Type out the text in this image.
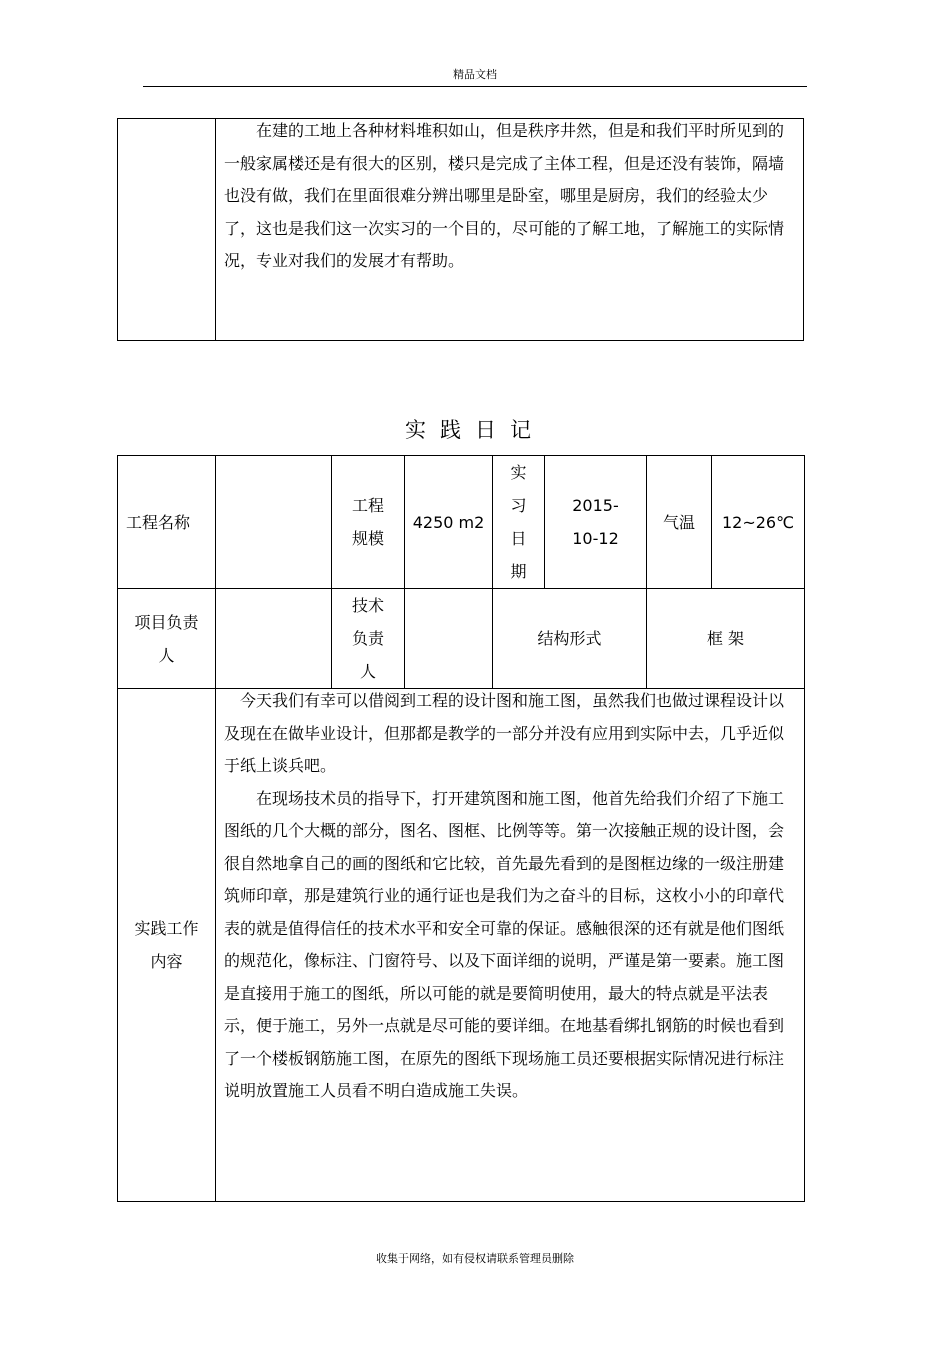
精品文档

在建的工地上各种材料堆积如山，但是秩序井然，但是和我们平时所见到的一般家属楼还是有很大的区别，楼只是完成了主体工程，但是还没有装饰，隔墙也没有做，我们在里面很难分辨出哪里是卧室，哪里是厨房，我们的经验太少了，这也是我们这一次实习的一个目的，尽可能的了解工地，了解施工的实际情况，专业对我们的发展才有帮助。
实践日记
工程名称		工程规模	4250 m2	实习日期	2015-10-12	气温	12~26℃
项目负责人		技术负责人		结构形式		框 架	
实践工作内容	今天我们有幸可以借阅到工程的设计图和施工图，虽然我们也做过课程设计以及现在在做毕业设计，但那都是教学的一部分并没有应用到实际中去，几乎近似于纸上谈兵吧。
在现场技术员的指导下，打开建筑图和施工图，他首先给我们介绍了下施工图纸的几个大概的部分，图名、图框、比例等等。第一次接触正规的设计图，会很自然地拿自己的画的图纸和它比较，首先最先看到的是图框边缘的一级注册建筑师印章，那是建筑行业的通行证也是我们为之奋斗的目标，这枚小小的印章代表的就是值得信任的技术水平和安全可靠的保证。感触很深的还有就是他们图纸的规范化，像标注、门窗符号、以及下面详细的说明，严谨是第一要素。施工图是直接用于施工的图纸，所以可能的就是要简明使用，最大的特点就是平法表示，便于施工，另外一点就是尽可能的要详细。在地基看绑扎钢筋的时候也看到了一个楼板钢筋施工图，在原先的图纸下现场施工员还要根据实际情况进行标注说明放置施工人员看不明白造成施工失误。						
收集于网络，如有侵权请联系管理员删除
